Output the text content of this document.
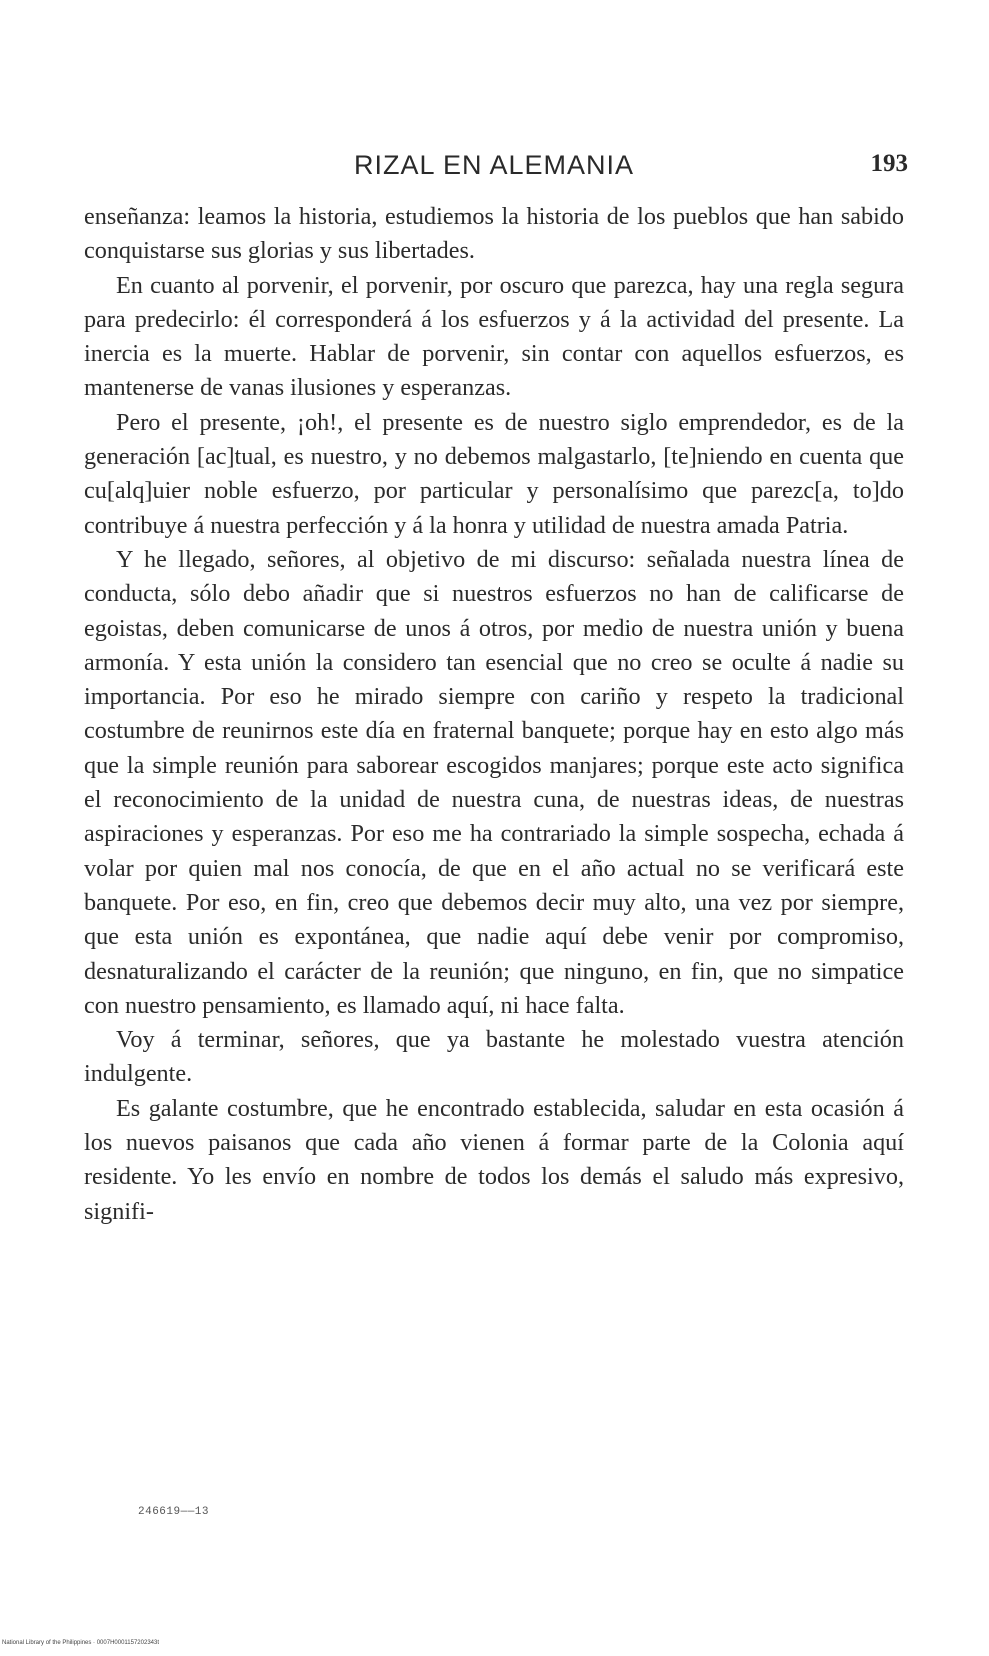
RIZAL EN ALEMANIA	193

enseñanza: leamos la historia, estudiemos la historia de los pueblos que han sabido conquistarse sus glorias y sus libertades.

En cuanto al porvenir, el porvenir, por oscuro que parezca, hay una regla segura para predecirlo: él corresponderá á los esfuerzos y á la actividad del presente. La inercia es la muerte. Hablar de porvenir, sin contar con aquellos esfuerzos, es mantenerse de vanas ilusiones y esperanzas.

Pero el presente, ¡oh!, el presente es de nuestro siglo emprendedor, es de la generación [ac]tual, es nuestro, y no debemos malgastarlo, [te]niendo en cuenta que cu[alq]uier noble esfuerzo, por particular y personalísimo que parezc[a, to]do contribuye á nuestra perfección y á la honra y utilidad de nuestra amada Patria.

Y he llegado, señores, al objetivo de mi discurso: señalada nuestra línea de conducta, sólo debo añadir que si nuestros esfuerzos no han de calificarse de egoistas, deben comunicarse de unos á otros, por medio de nuestra unión y buena armonía. Y esta unión la considero tan esencial que no creo se oculte á nadie su importancia. Por eso he mirado siempre con cariño y respeto la tradicional costumbre de reunirnos este día en fraternal banquete; porque hay en esto algo más que la simple reunión para saborear escogidos manjares; porque este acto significa el reconocimiento de la unidad de nuestra cuna, de nuestras ideas, de nuestras aspiraciones y esperanzas. Por eso me ha contrariado la simple sospecha, echada á volar por quien mal nos conocía, de que en el año actual no se verificará este banquete. Por eso, en fin, creo que debemos decir muy alto, una vez por siempre, que esta unión es expontánea, que nadie aquí debe venir por compromiso, desnaturalizando el carácter de la reunión; que ninguno, en fin, que no simpatice con nuestro pensamiento, es llamado aquí, ni hace falta.

Voy á terminar, señores, que ya bastante he molestado vuestra atención indulgente.

Es galante costumbre, que he encontrado establecida, saludar en esta ocasión á los nuevos paisanos que cada año vienen á formar parte de la Colonia aquí residente. Yo les envío en nombre de todos los demás el saludo más expresivo, signifi-

246619——13
National Library of the Philippines · 0007H0001157202343t
